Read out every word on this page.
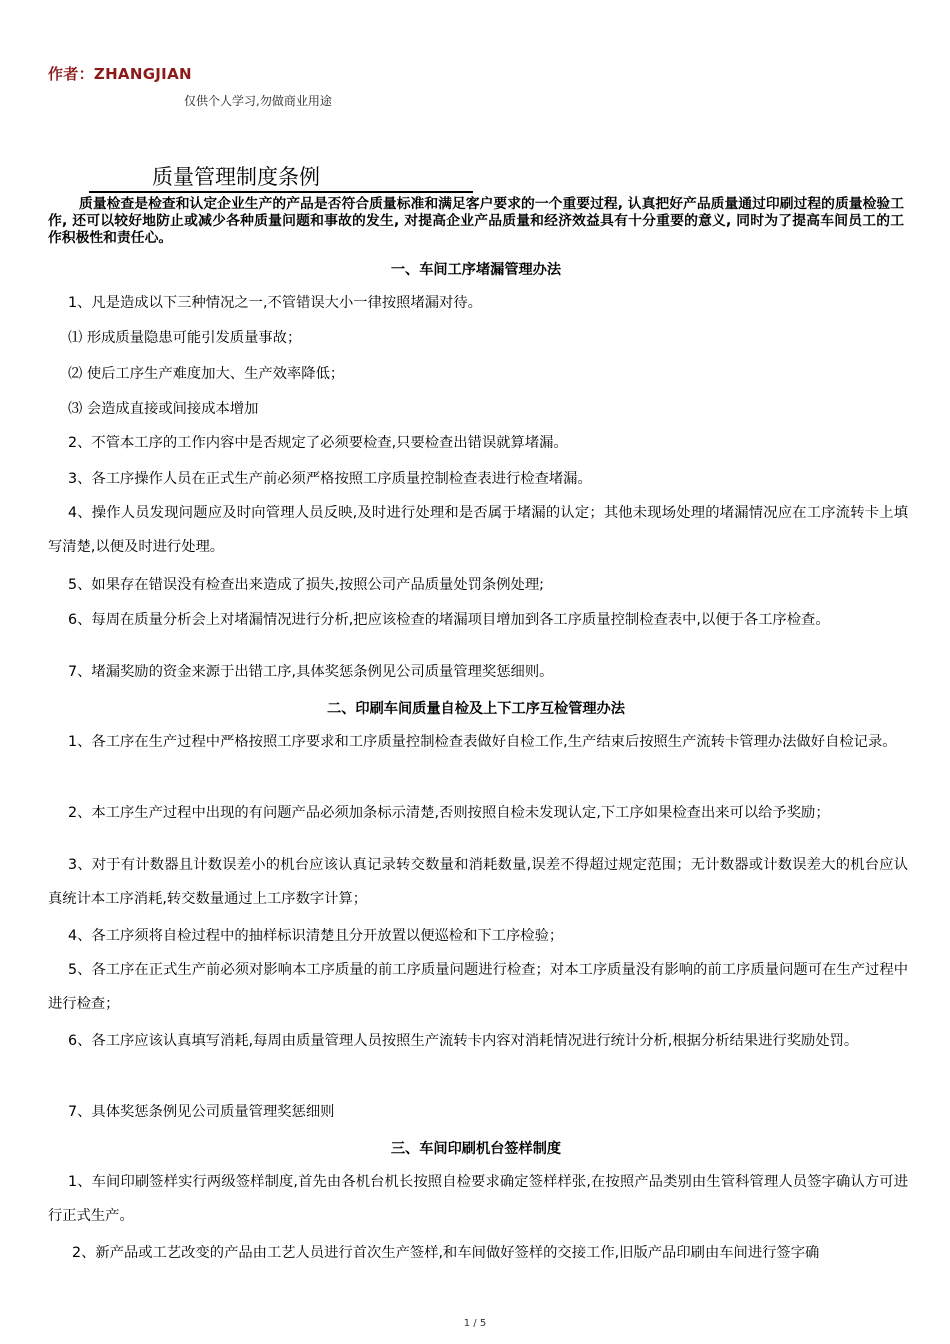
作者：ZHANGJIAN
仅供个人学习,勿做商业用途
质量管理制度条例

质量检查是检查和认定企业生产的产品是否符合质量标准和满足客户要求的一个重要过程, 认真把好产品质量通过印刷过程的质量检验工作, 还可以较好地防止或减少各种质量问题和事故的发生, 对提高企业产品质量和经济效益具有十分重要的意义, 同时为了提高车间员工的工作积极性和责任心。

一、车间工序堵漏管理办法

1、凡是造成以下三种情况之一,不管错误大小一律按照堵漏对待。

⑴ 形成质量隐患可能引发质量事故；

⑵ 使后工序生产难度加大、生产效率降低；

⑶ 会造成直接或间接成本增加

2、不管本工序的工作内容中是否规定了必须要检查,只要检查出错误就算堵漏。

3、各工序操作人员在正式生产前必须严格按照工序质量控制检查表进行检查堵漏。

4、操作人员发现问题应及时向管理人员反映,及时进行处理和是否属于堵漏的认定；其他未现场处理的堵漏情况应在工序流转卡上填写清楚,以便及时进行处理。

5、如果存在错误没有检查出来造成了损失,按照公司产品质量处罚条例处理;

6、每周在质量分析会上对堵漏情况进行分析,把应该检查的堵漏项目增加到各工序质量控制检查表中,以便于各工序检查。

7、堵漏奖励的资金来源于出错工序,具体奖惩条例见公司质量管理奖惩细则。

二、印刷车间质量自检及上下工序互检管理办法

1、各工序在生产过程中严格按照工序要求和工序质量控制检查表做好自检工作,生产结束后按照生产流转卡管理办法做好自检记录。

2、本工序生产过程中出现的有问题产品必须加条标示清楚,否则按照自检未发现认定,下工序如果检查出来可以给予奖励；

3、对于有计数器且计数误差小的机台应该认真记录转交数量和消耗数量,误差不得超过规定范围；无计数器或计数误差大的机台应认真统计本工序消耗,转交数量通过上工序数字计算；

4、各工序须将自检过程中的抽样标识清楚且分开放置以便巡检和下工序检验；

5、各工序在正式生产前必须对影响本工序质量的前工序质量问题进行检查；对本工序质量没有影响的前工序质量问题可在生产过程中进行检查；

6、各工序应该认真填写消耗,每周由质量管理人员按照生产流转卡内容对消耗情况进行统计分析,根据分析结果进行奖励处罚。

7、具体奖惩条例见公司质量管理奖惩细则

三、车间印刷机台签样制度

1、车间印刷签样实行两级签样制度,首先由各机台机长按照自检要求确定签样样张,在按照产品类别由生管科管理人员签字确认方可进行正式生产。

2、新产品或工艺改变的产品由工艺人员进行首次生产签样,和车间做好签样的交接工作,旧版产品印刷由车间进行签字确

1 / 5
